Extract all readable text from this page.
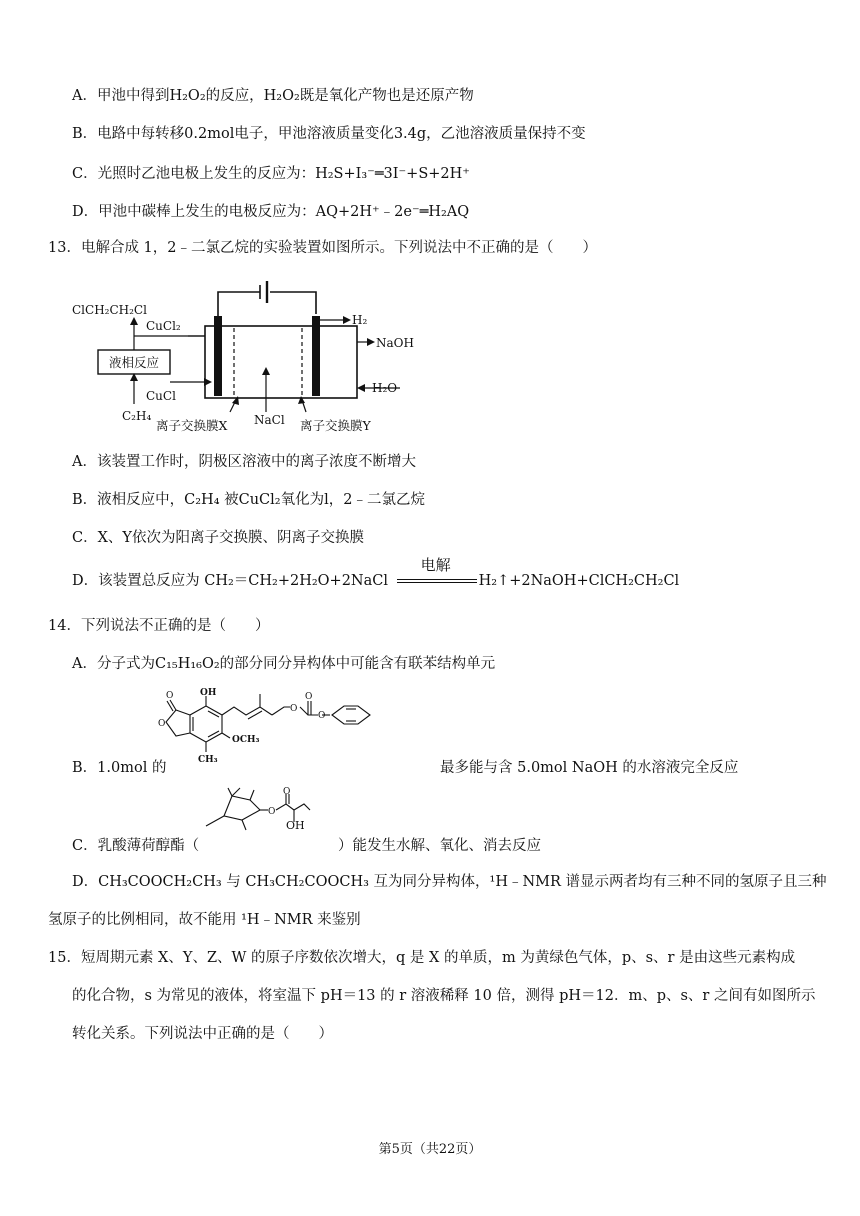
A．甲池中得到H₂O₂的反应，H₂O₂既是氧化产物也是还原产物
B．电路中每转移0.2mol电子，甲池溶液质量变化3.4g，乙池溶液质量保持不变
C．光照时乙池电极上发生的反应为：H₂S+I₃⁻═3I⁻+S+2H⁺
D．甲池中碳棒上发生的电极反应为：AQ+2H⁺﹣2e⁻═H₂AQ
13．电解合成 1，2﹣二氯乙烷的实验装置如图所示。下列说法中不正确的是（　　）
液相反应
ClCH₂CH₂Cl
CuCl₂
CuCl
C₂H₄	NaCl
H₂
NaOH
H₂O
离子交换膜X	离子交换膜Y
A．该装置工作时，阴极区溶液中的离子浓度不断增大
B．液相反应中，C₂H₄ 被CuCl₂氧化为l，2﹣二氯乙烷
C．X、Y依次为阳离子交换膜、阴离子交换膜
D．该装置总反应为 CH₂＝CH₂+2H₂O+2NaCl
电解
H₂↑+2NaOH+ClCH₂CH₂Cl
14．下列说法不正确的是（　　）
A．分子式为C₁₅H₁₆O₂的部分同分异构体中可能含有联苯结构单元
O
O
OH
OCH₃
CH₃
O
O
O
B．1.0mol 的	最多能与含 5.0mol NaOH 的水溶液完全反应
O
O
OH
C．乳酸薄荷醇酯（	）能发生水解、氧化、消去反应
D．CH₃COOCH₂CH₃ 与 CH₃CH₂COOCH₃ 互为同分异构体，¹H﹣NMR 谱显示两者均有三种不同的氢原子且三种
氢原子的比例相同，故不能用 ¹H﹣NMR 来鉴别
15．短周期元素 X、Y、Z、W 的原子序数依次增大，q 是 X 的单质，m 为黄绿色气体，p、s、r 是由这些元素构成
的化合物，s 为常见的液体，将室温下 pH＝13 的 r 溶液稀释 10 倍，测得 pH＝12．m、p、s、r 之间有如图所示
转化关系。下列说法中正确的是（　　）
第5页（共22页）
